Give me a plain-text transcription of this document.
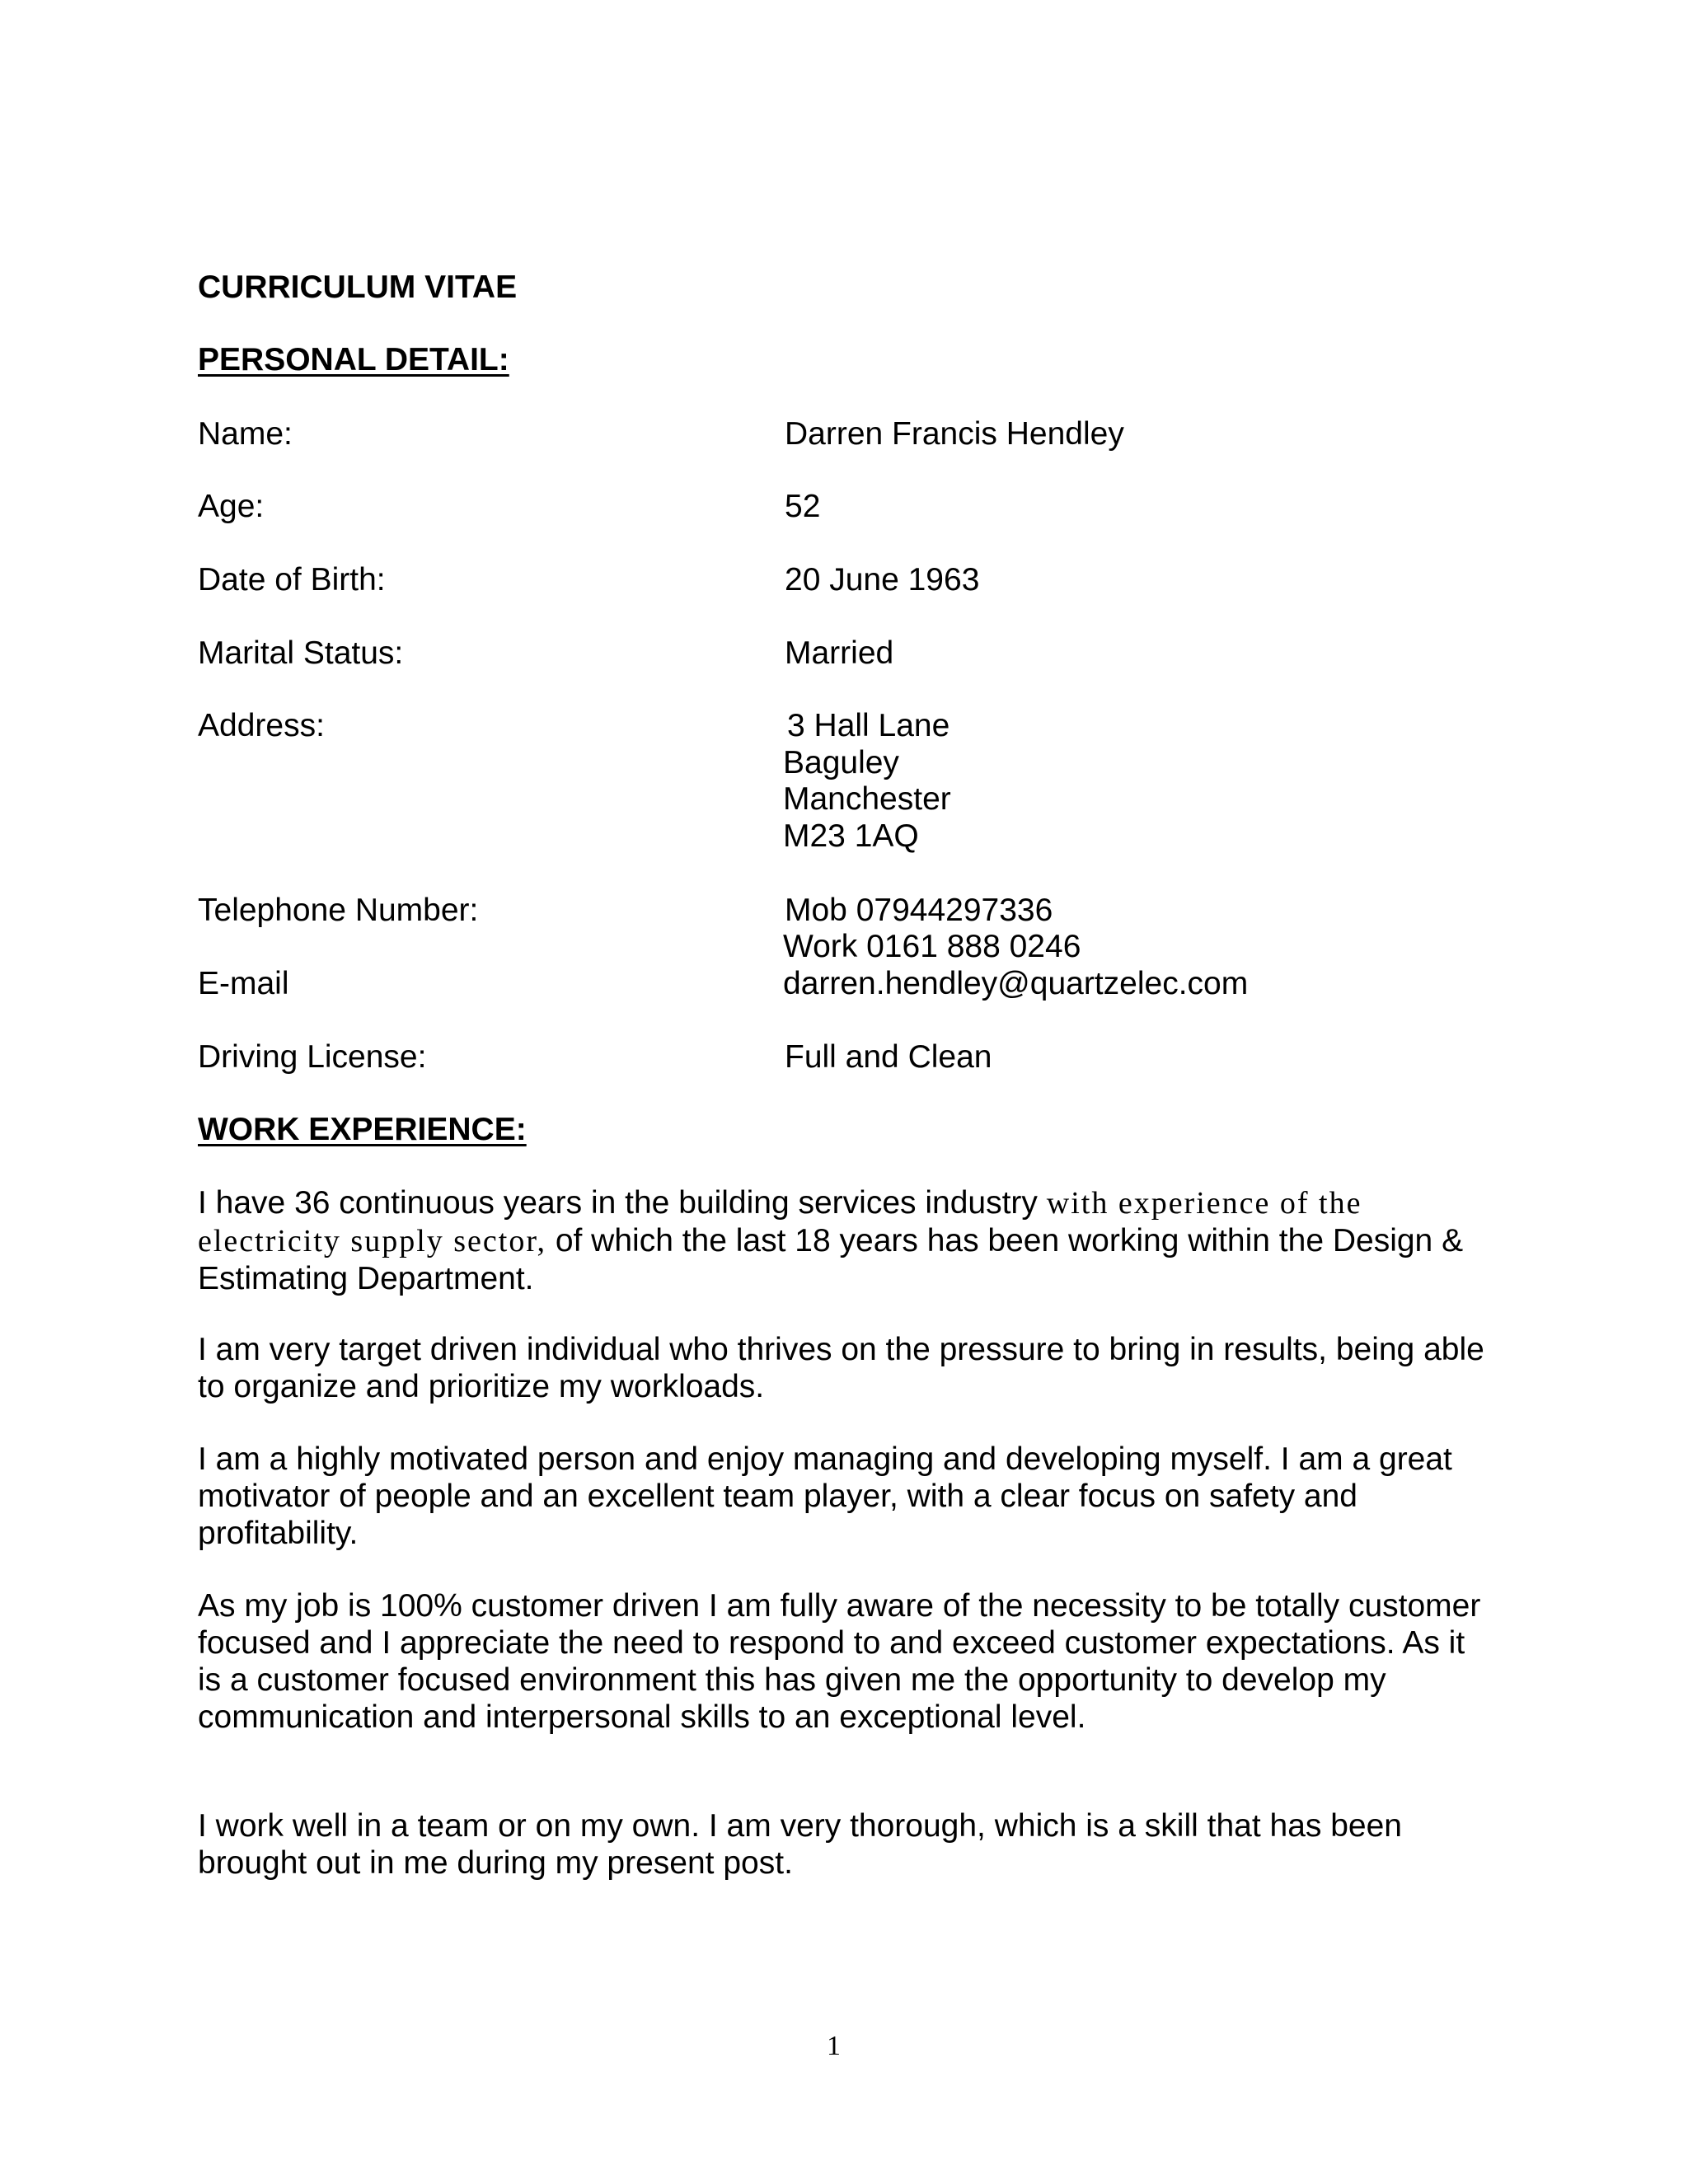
CURRICULUM VITAE
PERSONAL DETAIL:
Name:	Darren Francis Hendley
Age:	52
Date of Birth:	20 June 1963
Marital Status:	Married
Address:	3 Hall Lane
Baguley
Manchester
M23 1AQ
Telephone Number:	Mob 07944297336
Work 0161 888 0246
E-mail	darren.hendley@quartzelec.com
Driving License:	Full and Clean
WORK EXPERIENCE:
I have 36 continuous years in the building services industry with experience of the electricity supply sector, of which the last 18 years has been working within the Design & Estimating Department.
I am very target driven individual who thrives on the pressure to bring in results, being able to organize and prioritize my workloads.
I am a highly motivated person and enjoy managing and developing myself. I am a great motivator of people and an excellent team player, with a clear focus on safety and profitability.
As my job is 100% customer driven I am fully aware of the necessity to be totally customer focused and I appreciate the need to respond to and exceed customer expectations. As it is a customer focused environment this has given me the opportunity to develop my communication and interpersonal skills to an exceptional level.
I work well in a team or on my own. I am very thorough, which is a skill that has been brought out in me during my present post.
1
